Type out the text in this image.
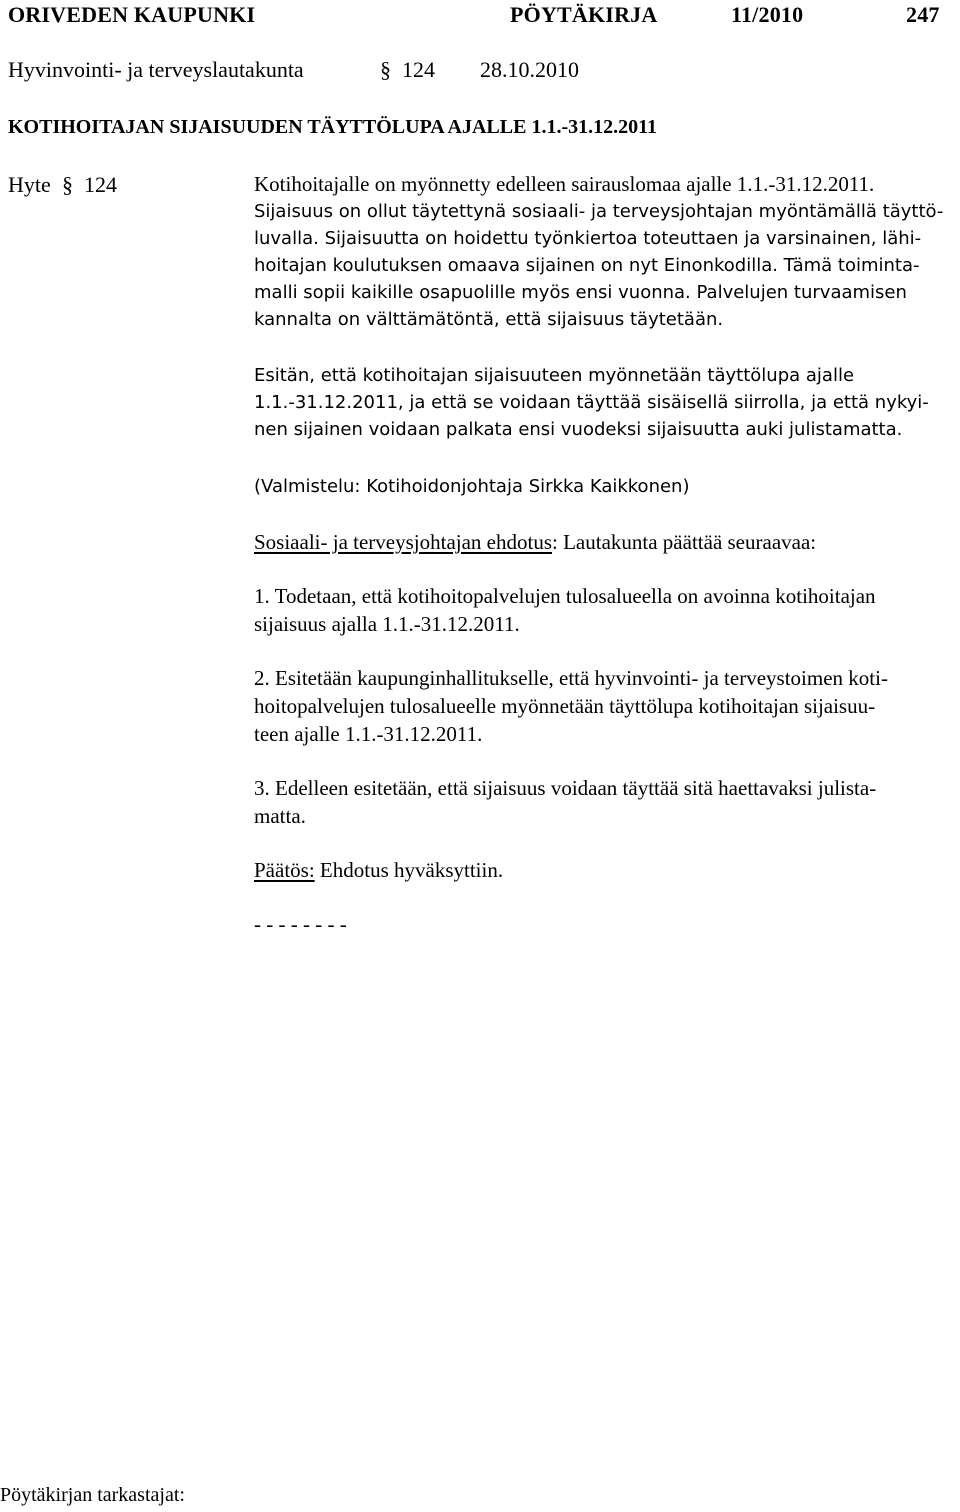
ORIVEDEN KAUPUNKI	PÖYTÄKIRJA	11/2010	247
Hyvinvointi- ja terveyslautakunta	§ 124 28.10.2010
KOTIHOITAJAN SIJAISUUDEN TÄYTTÖLUPA AJALLE 1.1.-31.12.2011
Hyte § 124	Kotihoitajalle on myönnetty edelleen sairauslomaa ajalle 1.1.-31.12.2011.
Sijaisuus on ollut täytettynä sosiaali- ja terveysjohtajan myöntämällä täyttö-
luvalla. Sijaisuutta on hoidettu työnkiertoa toteuttaen ja varsinainen, lähi-
hoitajan koulutuksen omaava sijainen on nyt Einonkodilla. Tämä toiminta-
malli sopii kaikille osapuolille myös ensi vuonna. Palvelujen turvaamisen
kannalta on välttämätöntä, että sijaisuus täytetään.
Esitän, että kotihoitajan sijaisuuteen myönnetään täyttölupa ajalle
1.1.-31.12.2011, ja että se voidaan täyttää sisäisellä siirrolla, ja että nykyi-
nen sijainen voidaan palkata ensi vuodeksi sijaisuutta auki julistamatta.
(Valmistelu: Kotihoidonjohtaja Sirkka Kaikkonen)
Sosiaali- ja terveysjohtajan ehdotus: Lautakunta päättää seuraavaa:
1. Todetaan, että kotihoitopalvelujen tulosalueella on avoinna kotihoitajan
sijaisuus ajalla 1.1.-31.12.2011.
2. Esitetään kaupunginhallitukselle, että hyvinvointi- ja terveystoimen koti-
hoitopalvelujen tulosalueelle myönnetään täyttölupa kotihoitajan sijaisuu-
teen ajalle 1.1.-31.12.2011.
3. Edelleen esitetään, että sijaisuus voidaan täyttää sitä haettavaksi julista-
matta.
Päätös: Ehdotus hyväksyttiin.
- - - - - - - -
Pöytäkirjan tarkastajat:
